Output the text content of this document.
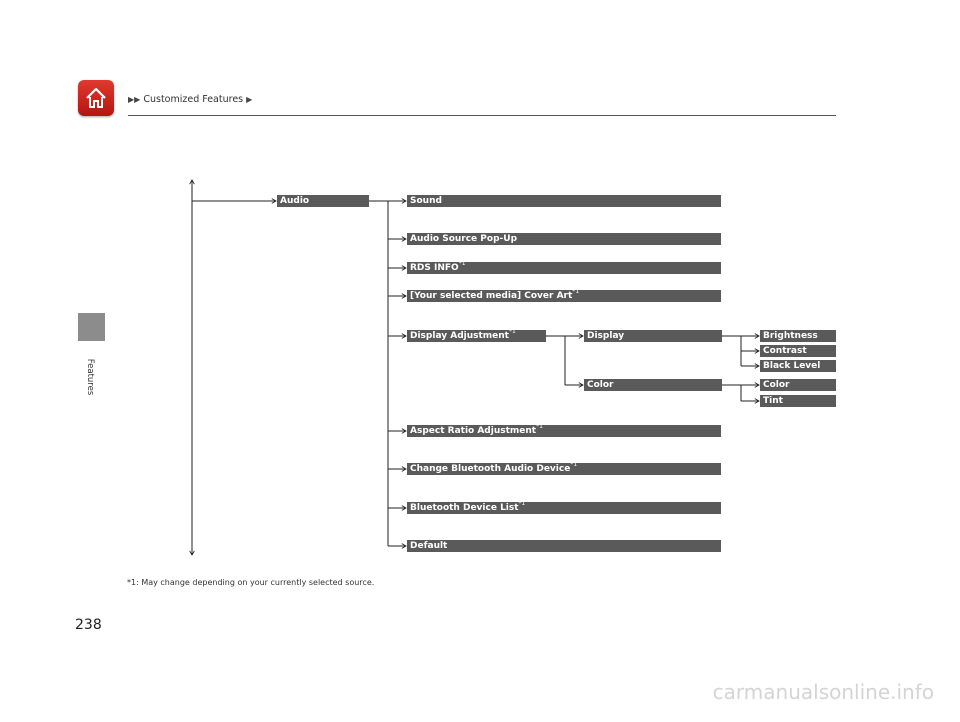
▶▶ Customized Features ▶
Features
Audio	Sound
Audio Source Pop-Up
RDS INFO$^{*1}$
[Your selected media] Cover Art$^{*1}$
Display Adjustment$^{*1}$	Display
Color
Brightness
Contrast
Black Level
Color
Tint
Aspect Ratio Adjustment$^{*1}$
Change Bluetooth Audio Device$^{*1}$
Bluetooth Device List$^{*1}$
Default
*1: May change depending on your currently selected source.
238
carmanualsonline.info
